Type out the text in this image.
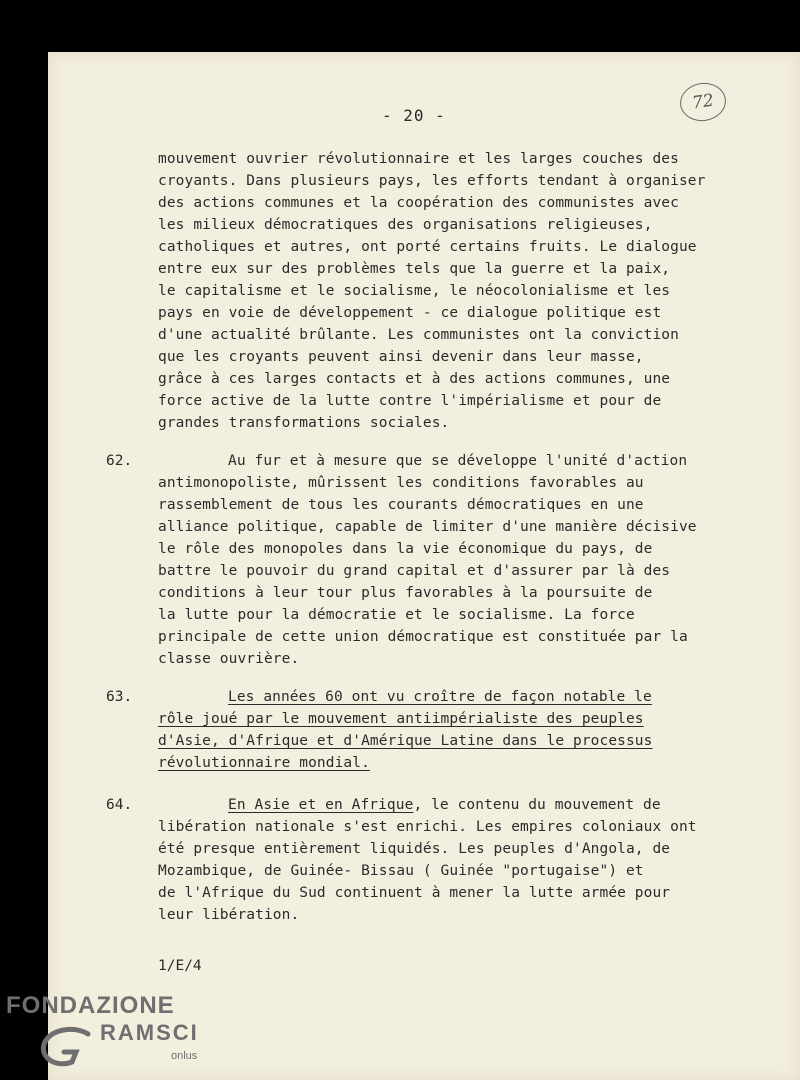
- 20 -
72
mouvement ouvrier révolutionnaire et les larges couches des
croyants. Dans plusieurs pays, les efforts tendant à organiser
des actions communes et la coopération des communistes avec
les milieux démocratiques des organisations religieuses,
catholiques et autres, ont porté certains fruits. Le dialogue
entre eux sur des problèmes tels que la guerre et la paix,
le capitalisme et le socialisme, le néocolonialisme et les
pays en voie de développement - ce dialogue politique est
d'une actualité brûlante. Les communistes ont la conviction
que les croyants peuvent ainsi devenir dans leur masse,
grâce à ces larges contacts et à des actions communes, une
force active de la lutte contre l'impérialisme et pour de
grandes transformations sociales.
62.	Au fur et à mesure que se développe l'unité d'action
antimonopoliste, mûrissent les conditions favorables au
rassemblement de tous les courants démocratiques en une
alliance politique, capable de limiter d'une manière décisive
le rôle des monopoles dans la vie économique du pays, de
battre le pouvoir du grand capital et d'assurer par là des
conditions à leur tour plus favorables à la poursuite de
la lutte pour la démocratie et le socialisme. La force
principale de cette union démocratique est constituée par la
classe ouvrière.
63.	Les années 60 ont vu croître de façon notable le
rôle joué par le mouvement antiimpérialiste des peuples
d'Asie, d'Afrique et d'Amérique Latine dans le processus
révolutionnaire mondial.
64.	En Asie et en Afrique, le contenu du mouvement de
libération nationale s'est enrichi. Les empires coloniaux ont
été presque entièrement liquidés. Les peuples d'Angola, de
Mozambique, de Guinée- Bissau ( Guinée "portugaise") et
de l'Afrique du Sud continuent à mener la lutte armée pour
leur libération.
1/E/4
FONDAZIONE
RAMSCI
onlus
